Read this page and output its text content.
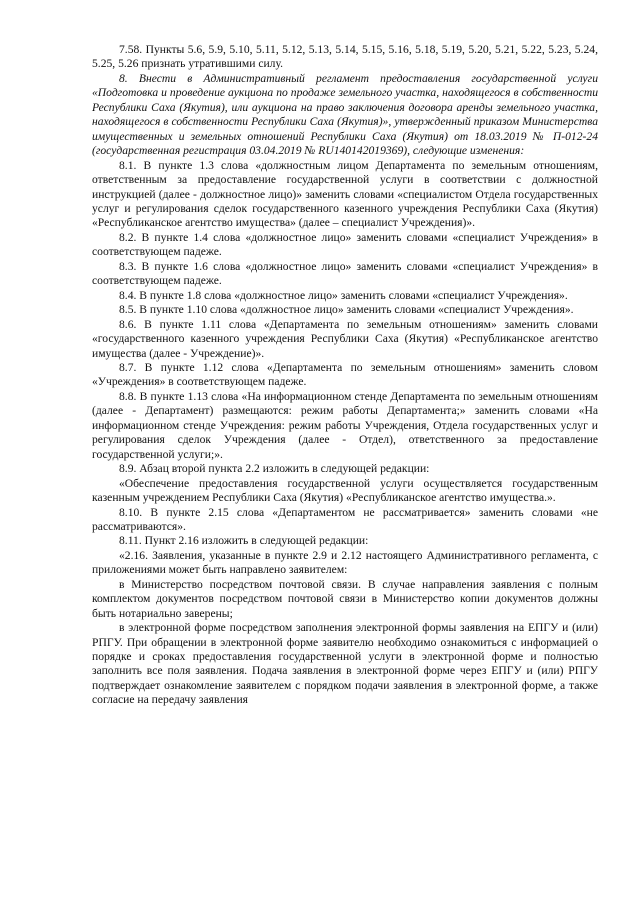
7.58. Пункты 5.6, 5.9, 5.10, 5.11, 5.12, 5.13, 5.14, 5.15, 5.16, 5.18, 5.19, 5.20, 5.21, 5.22, 5.23, 5.24, 5.25, 5.26 признать утратившими силу.

8. Внести в Административный регламент предоставления государственной услуги «Подготовка и проведение аукциона по продаже земельного участка, находящегося в собственности Республики Саха (Якутия), или аукциона на право заключения договора аренды земельного участка, находящегося в собственности Республики Саха (Якутия)», утвержденный приказом Министерства имущественных и земельных отношений Республики Саха (Якутия) от 18.03.2019 № П-012-24 (государственная регистрация 03.04.2019 № RU14014201936​9), следующие изменения:

8.1. В пункте 1.3 слова «должностным лицом Департамента по земельным отношениям, ответственным за предоставление государственной услуги в соответствии с должностной инструкцией (далее - должностное лицо)» заменить словами «специалистом Отдела государственных услуг и регулирования сделок государственного казенного учреждения Республики Саха (Якутия) «Республиканское агентство имущества» (далее – специалист Учреждения)».

8.2. В пункте 1.4 слова «должностное лицо» заменить словами «специалист Учреждения» в соответствующем падеже.

8.3. В пункте 1.6 слова «должностное лицо» заменить словами «специалист Учреждения» в соответствующем падеже.

8.4. В пункте 1.8 слова «должностное лицо» заменить словами «специалист Учреждения».

8.5. В пункте 1.10 слова «должностное лицо» заменить словами «специалист Учреждения».

8.6. В пункте 1.11 слова «Департамента по земельным отношениям» заменить словами «государственного казенного учреждения Республики Саха (Якутия) «Республиканское агентство имущества (далее - Учреждение)».

8.7. В пункте 1.12 слова «Департамента по земельным отношениям» заменить словом «Учреждения» в соответствующем падеже.

8.8. В пункте 1.13 слова «На информационном стенде Департамента по земельным отношениям (далее - Департамент) размещаются: режим работы Департамента;» заменить словами «На информационном стенде Учреждения: режим работы Учреждения, Отдела государственных услуг и регулирования сделок Учреждения (далее - Отдел), ответственного за предоставление государственной услуги;».

8.9. Абзац второй пункта 2.2 изложить в следующей редакции:

«Обеспечение предоставления государственной услуги осуществляется государственным казенным учреждением Республики Саха (Якутия) «Республиканское агентство имущества.».

8.10. В пункте 2.15 слова «Департаментом не рассматривается» заменить словами «не рассматриваются».

8.11. Пункт 2.16 изложить в следующей редакции:

«2.16. Заявления, указанные в пункте 2.9 и 2.12 настоящего Административного регламента, с приложениями может быть направлено заявителем:

в Министерство посредством почтовой связи. В случае направления заявления с полным комплектом документов посредством почтовой связи в Министерство копии документов должны быть нотариально заверены;

в электронной форме посредством заполнения электронной формы заявления на ЕПГУ и (или) РПГУ. При обращении в электронной форме заявителю необходимо ознакомиться с информацией о порядке и сроках предоставления государственной услуги в электронной форме и полностью заполнить все поля заявления. Подача заявления в электронной форме через ЕПГУ и (или) РПГУ подтверждает ознакомление заявителем с порядком подачи заявления в электронной форме, а также согласие на передачу заявления
